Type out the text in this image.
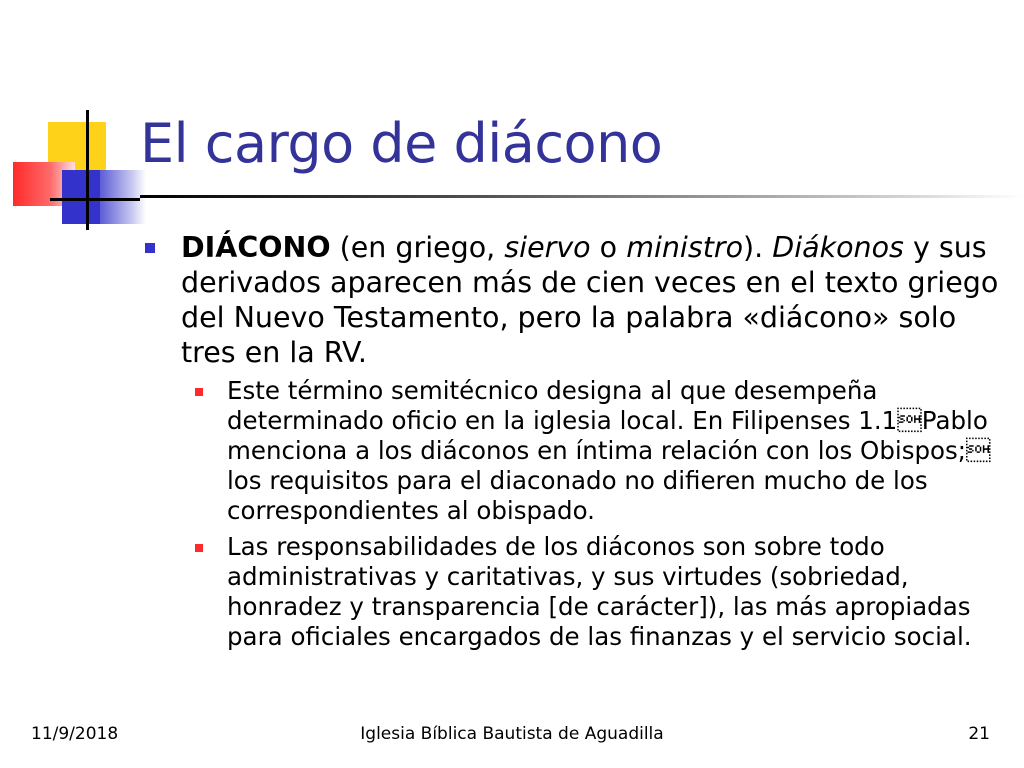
El cargo de diácono
DIÁCONO (en griego, siervo o ministro). Diákonos y sus derivados aparecen más de cien veces en el texto griego del Nuevo Testamento, pero la palabra «diácono» solo tres en la RV.
Este término semitécnico designa al que desempeña determinado oficio en la iglesia local. En Filipenses 1.1Pablo menciona a los diáconos en íntima relación con los Obispos; los requisitos para el diaconado no difieren mucho de los correspondientes al obispado.
Las responsabilidades de los diáconos son sobre todo administrativas y caritativas, y sus virtudes (sobriedad, honradez y transparencia [de carácter]), las más apropiadas para oficiales encargados de las finanzas y el servicio social.
11/9/2018	Iglesia Bíblica Bautista de Aguadilla	21
